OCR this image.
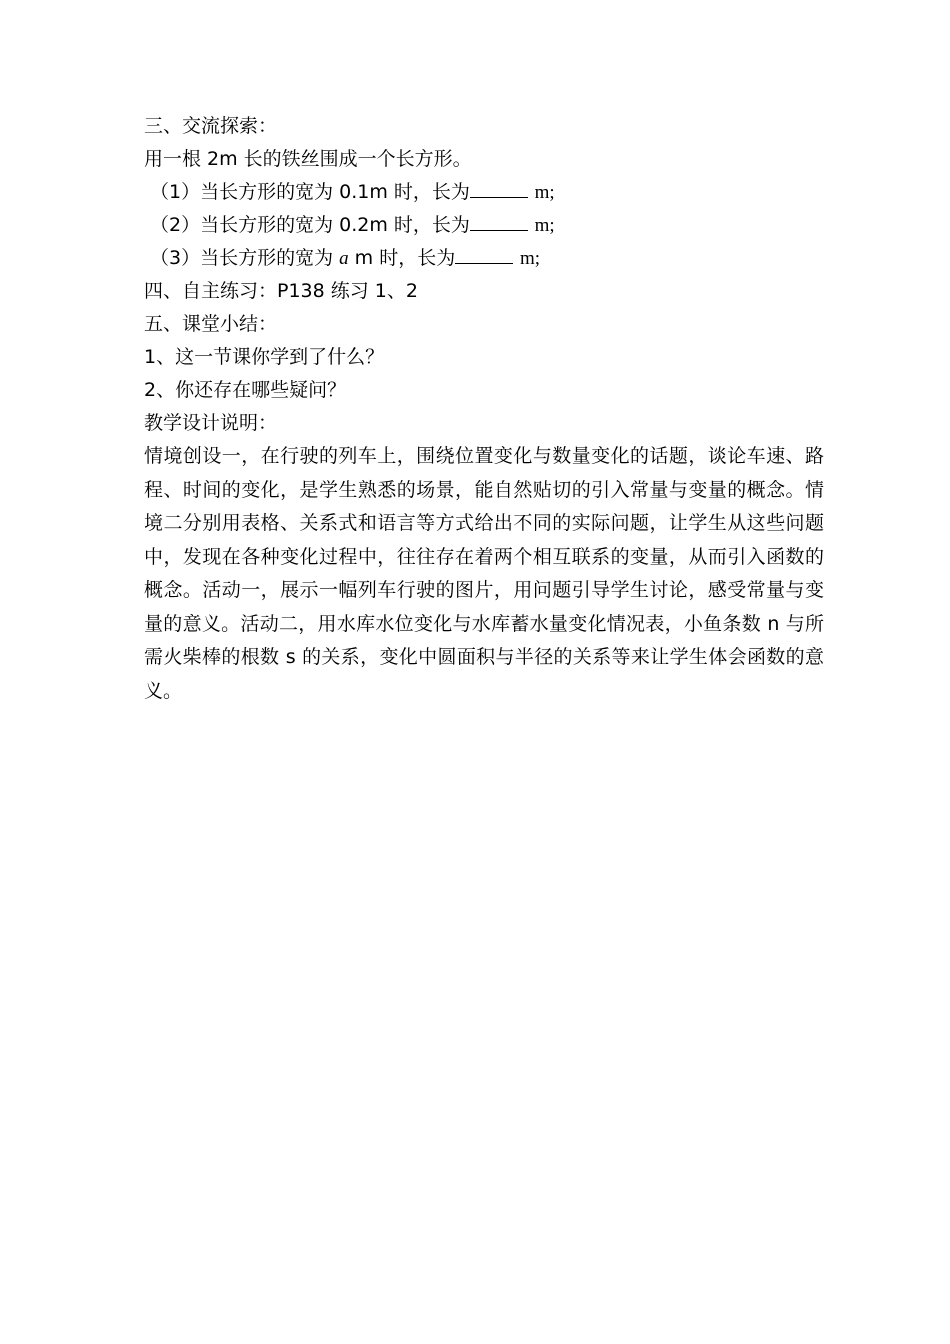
三、交流探索：
用一根 2m 长的铁丝围成一个长方形。
（1）当长方形的宽为 0.1m 时，长为	m;
（2）当长方形的宽为 0.2m 时，长为	m;
（3）当长方形的宽为 a m 时，长为	m;
四、自主练习：P138 练习 1、2
五、课堂小结：
1、这一节课你学到了什么？
2、你还存在哪些疑问？
教学设计说明：
情境创设一，在行驶的列车上，围绕位置变化与数量变化的话题，谈论车速、路程、时间的变化，是学生熟悉的场景，能自然贴切的引入常量与变量的概念。情境二分别用表格、关系式和语言等方式给出不同的实际问题，让学生从这些问题中，发现在各种变化过程中，往往存在着两个相互联系的变量，从而引入函数的概念。活动一，展示一幅列车行驶的图片，用问题引导学生讨论，感受常量与变量的意义。活动二，用水库水位变化与水库蓄水量变化情况表，小鱼条数 n 与所需火柴棒的根数 s 的关系，变化中圆面积与半径的关系等来让学生体会函数的意义。
